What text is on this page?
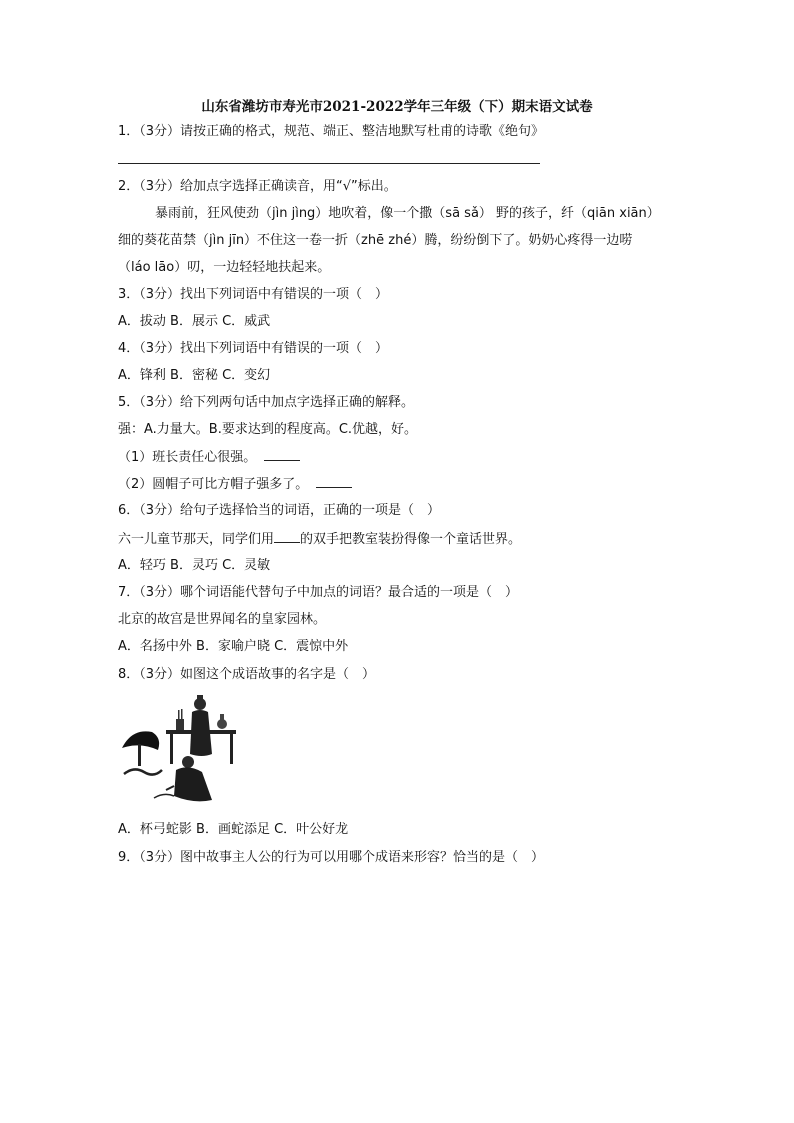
山东省潍坊市寿光市2021-2022学年三年级（下）期末语文试卷
1．（3分）请按正确的格式，规范、端正、整洁地默写杜甫的诗歌《绝句》
2．（3分）给加点字选择正确读音，用“√”标出。
暴雨前，狂风使劲（jìn jìng）地吹着，像一个撒（sā sǎ） 野的孩子，纤（qiān xiān）
细的葵花苗禁（jìn jīn）不住这一卷一折（zhē zhé）腾，纷纷倒下了。奶奶心疼得一边唠
（láo lāo）叨，一边轻轻地扶起来。
3．（3分）找出下列词语中有错误的一项（　）
A．拔动 B．展示 C．威武
4．（3分）找出下列词语中有错误的一项（　）
A．锋利 B．密秘 C．变幻
5．（3分）给下列两句话中加点字选择正确的解释。
强：A.力量大。B.要求达到的程度高。C.优越，好。
（1）班长责任心很强。
（2）圆帽子可比方帽子强多了。
6．（3分）给句子选择恰当的词语，正确的一项是（　）
六一儿童节那天，同学们用 的双手把教室装扮得像一个童话世界。
A．轻巧 B．灵巧 C．灵敏
7．（3分）哪个词语能代替句子中加点的词语？最合适的一项是（　）
北京的故宫是世界闻名的皇家园林。
A．名扬中外 B．家喻户晓 C．震惊中外
8．（3分）如图这个成语故事的名字是（　）
A．杯弓蛇影 B．画蛇添足 C．叶公好龙
9．（3分）图中故事主人公的行为可以用哪个成语来形容？恰当的是（　）
